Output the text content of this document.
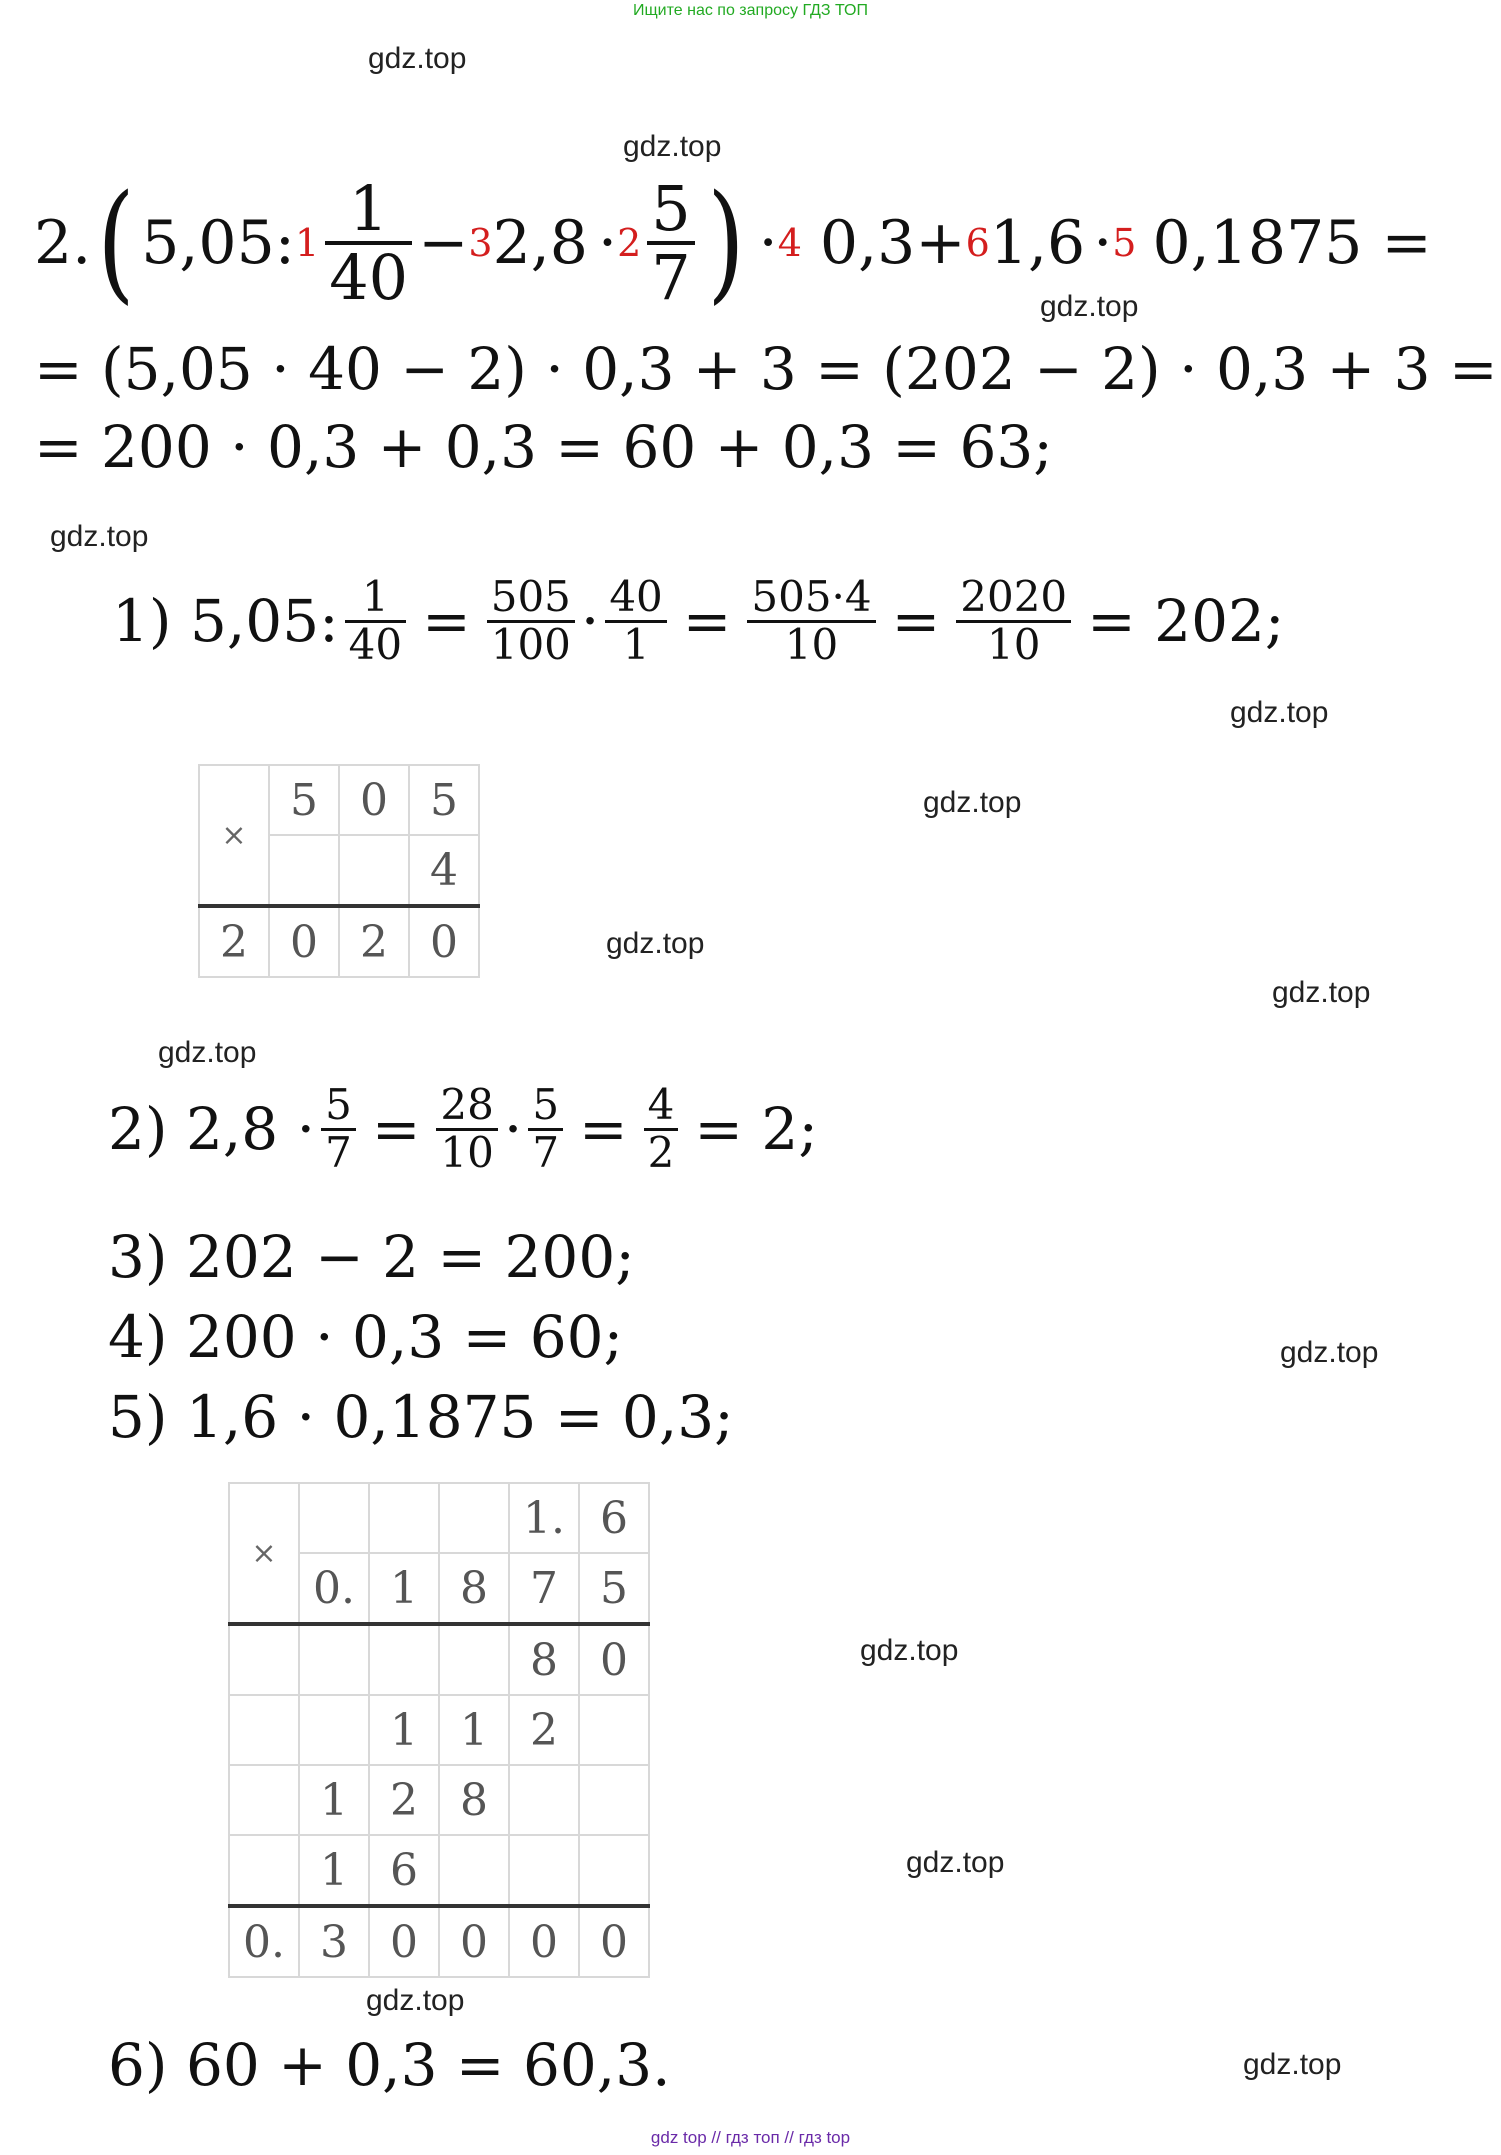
Ищите нас по запросу ГДЗ ТОП
gdz.top
gdz.top
gdz.top
gdz.top
gdz.top
gdz.top
gdz.top
gdz.top
gdz.top
gdz.top
gdz.top
gdz.top
gdz.top
gdz.top
2. ( 5,05: $1 \frac{1}{40} - 3$ $2,8 \cdot 2 \frac{5}{7}$ ) · 4 0,3+ 6 1,6 · 5 0,1875 =
= (5,05 · 40 − 2) · 0,3 + 3 = (202 − 2) · 0,3 + 3 =
= 200 · 0,3 + 0,3 = 60 + 0,3 = 63;
1) 5,05: $\frac{1}{40} = \frac{505}{100} \cdot \frac{40}{1} = \frac{505\cdot 4}{10} = \frac{2020}{10} = 202$;
×	5	0	5
			4
2	0	2	0
2) $2,8 \cdot \frac{5}{7} = \frac{28}{10} \cdot \frac{5}{7} = \frac{4}{2} = 2$;
3) 202 − 2 = 200;
4) 200 · 0,3 = 60;
5) 1,6 · 0,1875 = 0,3;
×				1.	6
	0.	1	8	7	5
				8	0
		1	1	2	
	1	2	8		
	1	6			
0.	3	0	0	0	0
6) 60 + 0,3 = 60,3.
gdz top // гдз топ // гдз top
